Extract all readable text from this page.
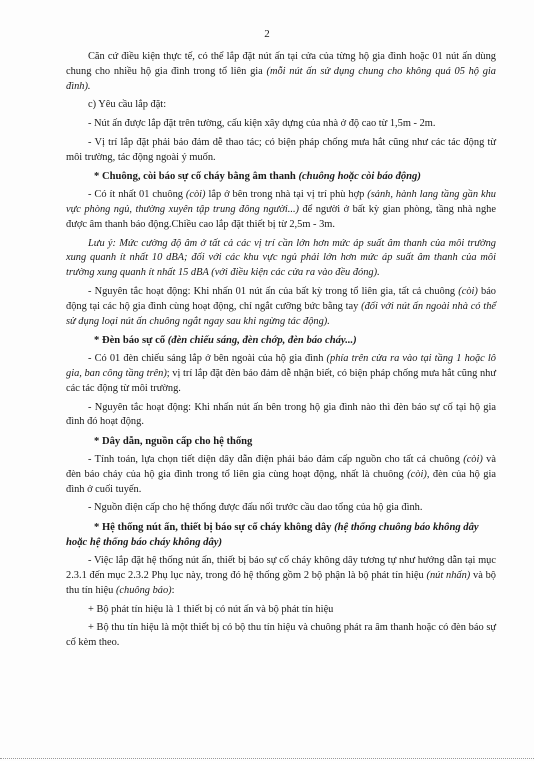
2

Căn cứ điều kiện thực tế, có thể lắp đặt nút ấn tại cửa của từng hộ gia đình hoặc 01 nút ấn dùng chung cho nhiều hộ gia đình trong tổ liên gia (mỗi nút ấn sử dụng chung cho không quá 05 hộ gia đình).

c) Yêu cầu lắp đặt:

- Nút ấn được lắp đặt trên tường, cấu kiện xây dựng của nhà ở độ cao từ 1,5m - 2m.

- Vị trí lắp đặt phải bảo đảm dễ thao tác; có biện pháp chống mưa hắt cũng như các tác động từ môi trường, tác động ngoài ý muốn.

* Chuông, còi báo sự cố cháy bằng âm thanh (chuông hoặc còi báo động)

- Có ít nhất 01 chuông (còi) lắp ở bên trong nhà tại vị trí phù hợp (sảnh, hành lang tầng gần khu vực phòng ngủ, thường xuyên tập trung đông người...) để người ở bất kỳ gian phòng, tầng nhà nghe được âm thanh báo động.Chiều cao lắp đặt thiết bị từ 2,5m - 3m.

Lưu ý: Mức cường độ âm ở tất cả các vị trí cần lớn hơn mức áp suất âm thanh của môi trường xung quanh ít nhất 10 dBA; đối với các khu vực ngủ phải lớn hơn mức áp suất âm thanh của môi trường xung quanh ít nhất 15 dBA (với điều kiện các cửa ra vào đều đóng).

- Nguyên tắc hoạt động: Khi nhấn 01 nút ấn của bất kỳ trong tổ liên gia, tất cả chuông (còi) báo động tại các hộ gia đình cùng hoạt động, chỉ ngắt cưỡng bức bằng tay (đối với nút ấn ngoài nhà có thể sử dụng loại nút ấn chuông ngắt ngay sau khi ngừng tác động).

* Đèn báo sự cố (đèn chiếu sáng, đèn chớp, đèn báo cháy...)

- Có 01 đèn chiếu sáng lắp ở bên ngoài của hộ gia đình (phía trên cửa ra vào tại tầng 1 hoặc lô gia, ban công tầng trên); vị trí lắp đặt đèn bảo đảm dễ nhận biết, có biện pháp chống mưa hắt cũng như các tác động từ môi trường.

- Nguyên tắc hoạt động: Khi nhấn nút ấn bên trong hộ gia đình nào thì đèn báo sự cố tại hộ gia đình đó hoạt động.

* Dây dẫn, nguồn cấp cho hệ thống

- Tính toán, lựa chọn tiết diện dây dẫn điện phải bảo đảm cấp nguồn cho tất cả chuông (còi) và đèn báo cháy của hộ gia đình trong tổ liên gia cùng hoạt động, nhất là chuông (còi), đèn của hộ gia đình ở cuối tuyến.

- Nguồn điện cấp cho hệ thống được đấu nối trước cầu dao tổng của hộ gia đình.

* Hệ thống nút ấn, thiết bị báo sự cố cháy không dây (hệ thống chuông báo không dây hoặc hệ thống báo cháy không dây)

- Việc lắp đặt hệ thống nút ấn, thiết bị báo sự cố cháy không dây tương tự như hướng dẫn tại mục 2.3.1 đến mục 2.3.2 Phụ lục này, trong đó hệ thống gồm 2 bộ phận là bộ phát tín hiệu (nút nhấn) và bộ thu tín hiệu (chuông báo):

+ Bộ phát tín hiệu là 1 thiết bị có nút ấn và bộ phát tín hiệu

+ Bộ thu tín hiệu là một thiết bị có bộ thu tín hiệu và chuông phát ra âm thanh hoặc có đèn báo sự cố kèm theo.
